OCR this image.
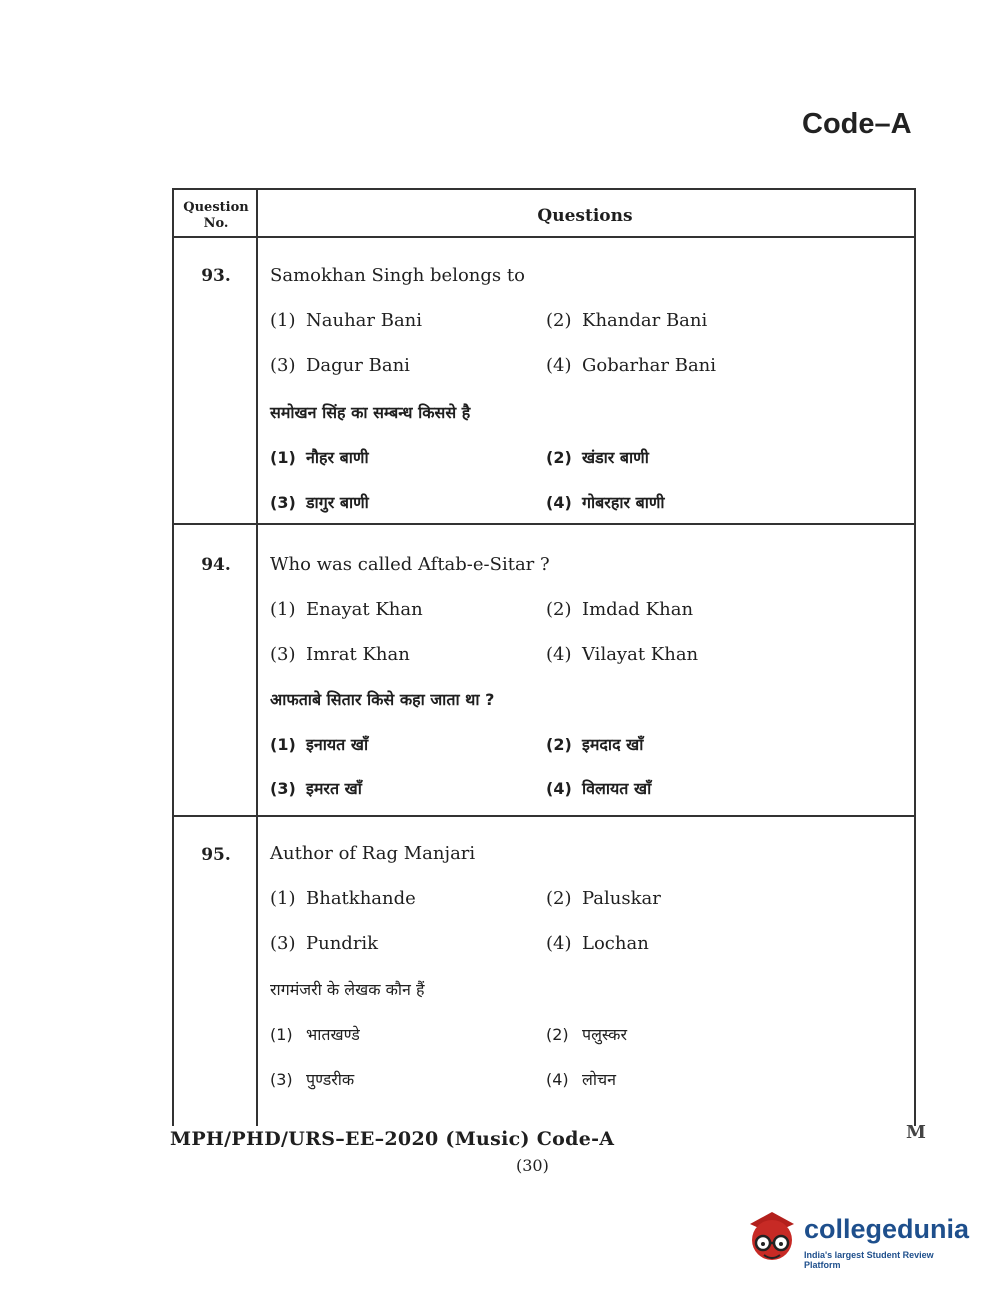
Code–A
Question No.	Questions
93.	Samokhan Singh belongs to
(1) Nauhar Bani	(2) Khandar Bani
(3) Dagur Bani	(4) Gobarhar Bani
समोखन सिंह का सम्बन्ध किससे है
(1) नौहर बाणी	(2) खंडार बाणी
(3) डागुर बाणी	(4) गोबरहार बाणी
94.	Who was called Aftab-e-Sitar ?
(1) Enayat Khan	(2) Imdad Khan
(3) Imrat Khan	(4) Vilayat Khan
आफताबे सितार किसे कहा जाता था ?
(1) इनायत खाँ	(2) इमदाद खाँ
(3) इमरत खाँ	(4) विलायत खाँ
95.	Author of Rag Manjari
(1) Bhatkhande	(2) Paluskar
(3) Pundrik	(4) Lochan
रागमंजरी के लेखक कौन हैं
(1) भातखण्डे	(2) पलुस्कर
(3) पुण्डरीक	(4) लोचन
MPH/PHD/URS–EE–2020 (Music) Code-A
(30)
M
collegedunia
India's largest Student Review Platform
